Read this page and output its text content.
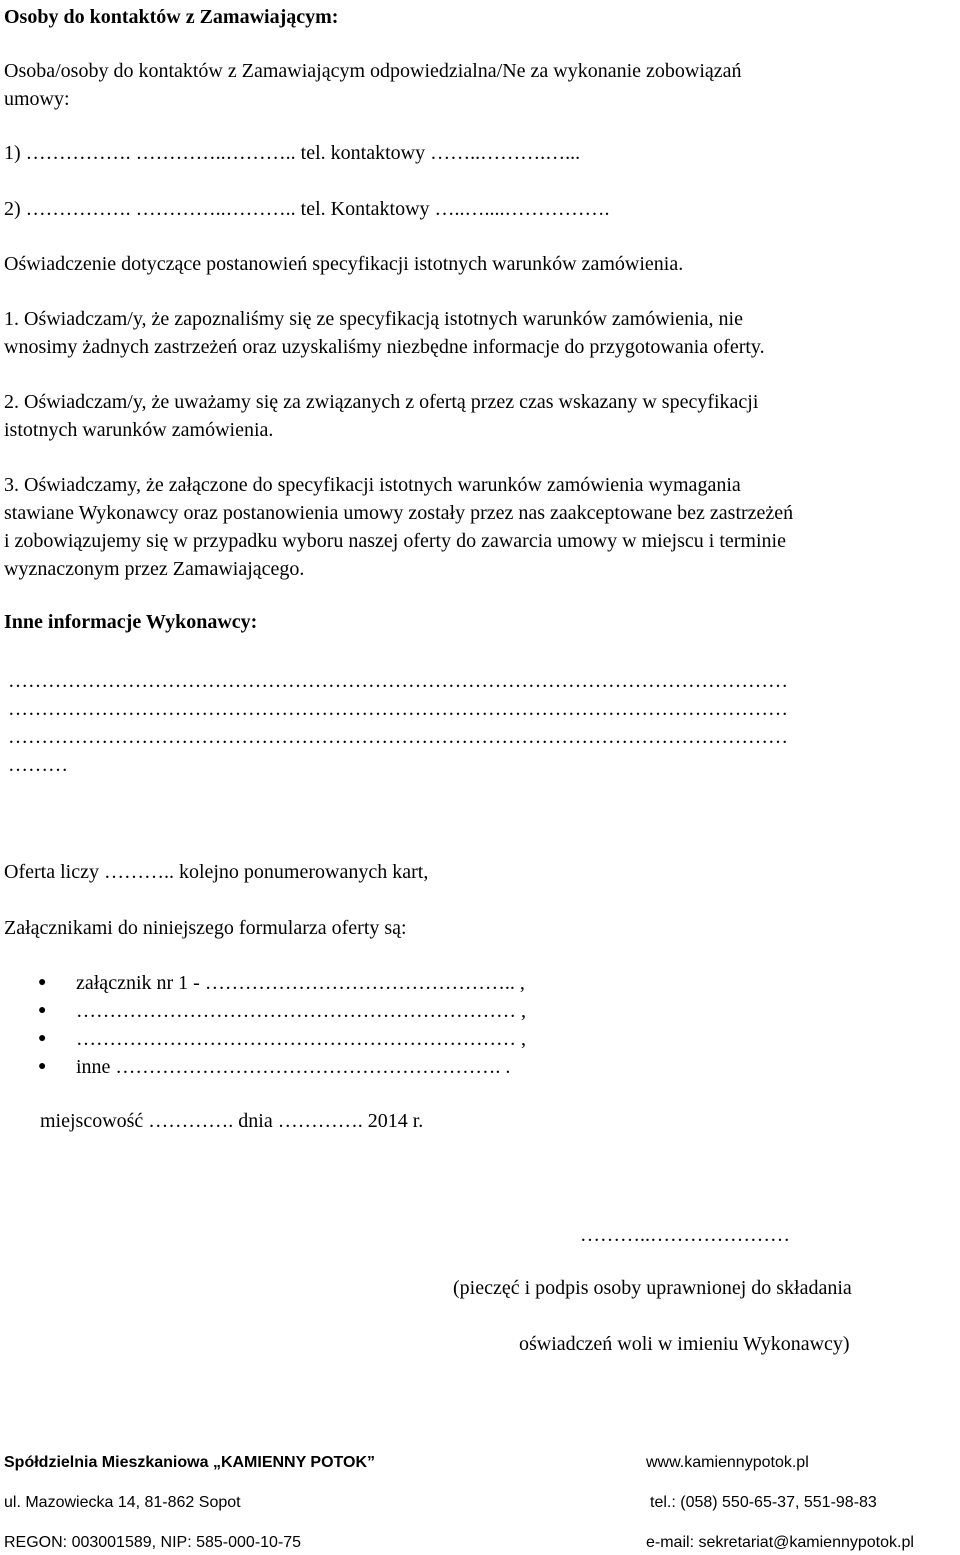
Osoby do kontaktów z Zamawiającym:
Osoba/osoby do kontaktów z Zamawiającym odpowiedzialna/Ne za wykonanie zobowiązań
umowy:
1) ……………. …………..……….. tel. kontaktowy ……..……….…...
2) ……………. …………..……….. tel. Kontaktowy …..…....…………….
Oświadczenie dotyczące postanowień specyfikacji istotnych warunków zamówienia.
1. Oświadczam/y, że zapoznaliśmy się ze specyfikacją istotnych warunków zamówienia, nie
wnosimy żadnych zastrzeżeń oraz uzyskaliśmy niezbędne informacje do przygotowania oferty.
2. Oświadczam/y, że uważamy się za związanych z ofertą przez czas wskazany w specyfikacji
istotnych warunków zamówienia.
3. Oświadczamy, że załączone do specyfikacji istotnych warunków zamówienia wymagania
stawiane Wykonawcy oraz postanowienia umowy zostały przez nas zaakceptowane bez zastrzeżeń
i zobowiązujemy się w przypadku wyboru naszej oferty do zawarcia umowy w miejscu i terminie
wyznaczonym przez Zamawiającego.
Inne informacje Wykonawcy:
………………………………………………………………………………………………………
………………………………………………………………………………………………………
………………………………………………………………………………………………………
………
Oferta liczy ……….. kolejno ponumerowanych kart,
Załącznikami do niniejszego formularza oferty są:
● załącznik nr 1 - ……………………………………….. ,
● ………………………………………………………… ,
● ………………………………………………………… ,
● inne …………………………………………………. .
miejscowość …………. dnia …………. 2014 r.
………..…………………
(pieczęć i podpis osoby uprawnionej do składania
oświadczeń woli w imieniu Wykonawcy)
Spółdzielnia Mieszkaniowa „KAMIENNY POTOK”	www.kamiennypotok.pl
ul. Mazowiecka 14, 81-862 Sopot	tel.: (058) 550-65-37, 551-98-83
REGON: 003001589, NIP: 585-000-10-75	e-mail: sekretariat@kamiennypotok.pl
